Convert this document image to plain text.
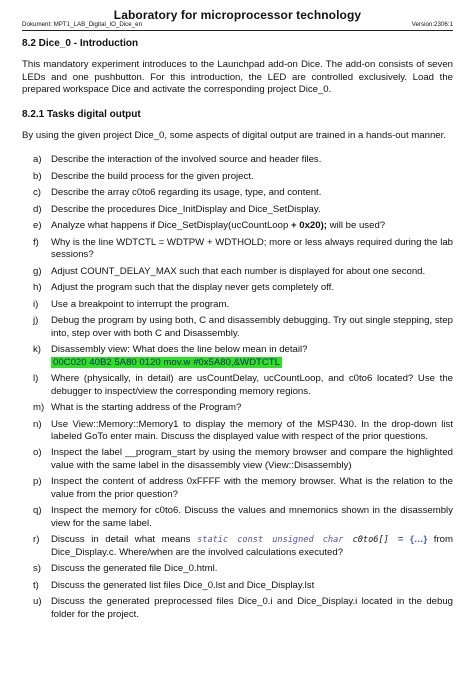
Laboratory for microprocessor technology
Dokument: MPT1_LAB_Digital_IO_Dice_en	Version:2306:1
8.2 Dice_0 - Introduction

This mandatory experiment introduces to the Launchpad add-on Dice. The add-on consists of seven LEDs and one pushbutton. For this introduction, the LED are controlled exclusively. Load the prepared workspace Dice and activate the corresponding project Dice_0.

8.2.1 Tasks digital output

By using the given project Dice_0, some aspects of digital output are trained in a hands-out manner.

a) Describe the interaction of the involved source and header files.
b) Describe the build process for the given project.
c)	Describe the array c0to6 regarding its usage, type, and content.
d) Describe the procedures Dice_InitDisplay and Dice_SetDisplay.
e) Analyze what happens if Dice_SetDisplay(ucCountLoop + 0x20); will be used?
f)	Why is the line WDTCTL = WDTPW + WDTHOLD; more or less always required during the lab sessions?
g) Adjust COUNT_DELAY_MAX such that each number is displayed for about one second.
h) Adjust the program such that the display never gets completely off.
i)	Use a breakpoint to interrupt the program.
j)	Debug the program by using both, C and disassembly debugging. Try out single stepping, step into, step over with both C and Disassembly.
k)	Disassembly view: What does the line below mean in detail?
00C020 40B2 5A80 0120 mov.w #0x5A80,&WDTCTL
l)	Where (physically, in detail) are usCountDelay, ucCountLoop, and c0to6 located? Use the debugger to inspect/view the corresponding memory regions.
m) What is the starting address of the Program?
n) Use View::Memory::Memory1 to display the memory of the MSP430. In the drop-down list labeled GoTo enter main. Discuss the displayed value with respect of the prior questions.
o) Inspect the label __program_start by using the memory browser and compare the highlighted value with the same label in the disassembly view (View::Disassembly)
p) Inspect the content of address 0xFFFF with the memory browser. What is the relation to the value from the prior question?
q) Inspect the memory for c0to6. Discuss the values and mnemonics shown in the disassembly view for the same label.
r)	Discuss in detail what means static const unsigned char c0to6[] = {…} from Dice_Display.c. Where/when are the involved calculations executed?
s)	Discuss the generated file Dice_0.html.
t)	Discuss the generated list files Dice_0.lst and Dice_Display.lst
u) Discuss the generated preprocessed files Dice_0.i and Dice_Display.i located in the debug folder for the project.
